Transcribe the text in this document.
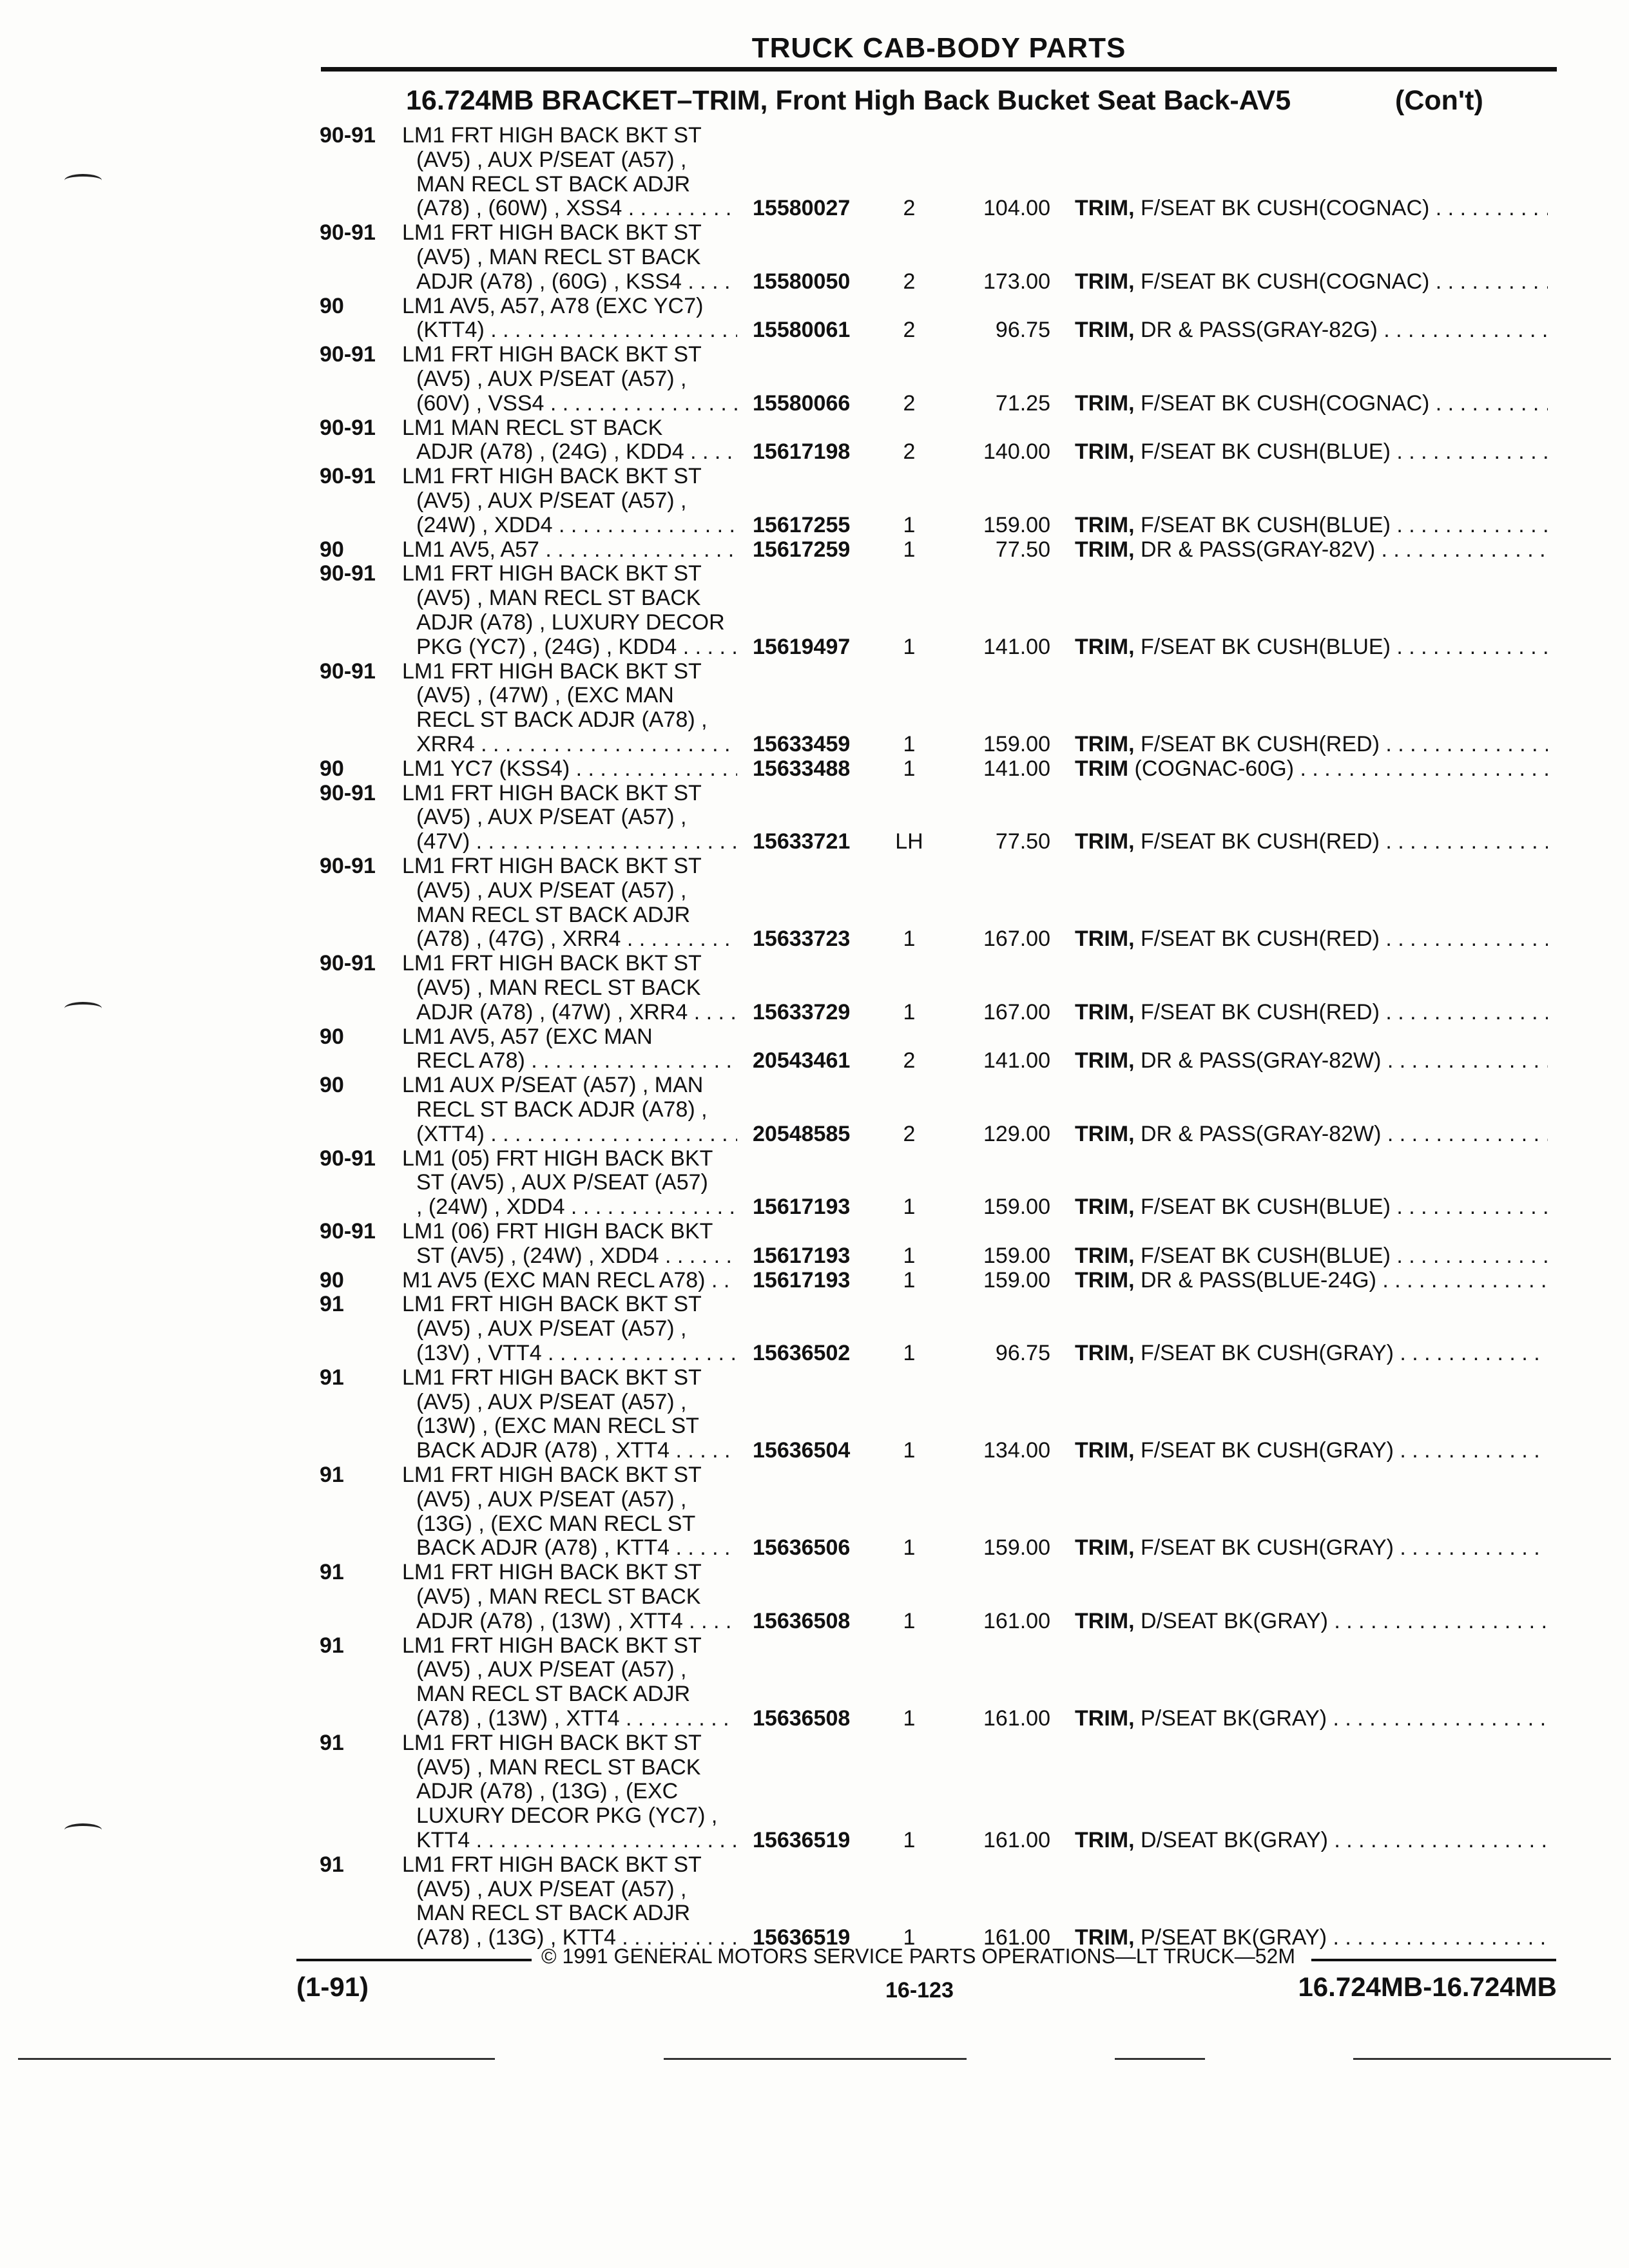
TRUCK CAB-BODY PARTS
16.724MB BRACKET–TRIM, Front High Back Bucket Seat Back-AV5	(Con't)
90-91	LM1 FRT HIGH BACK BKT ST
(AV5) , AUX P/SEAT (A57) ,
MAN RECL ST BACK ADJR
(A78) , (60W) , XSS4 . . .	15580027	2	104.00 TRIM, F/SEAT BK CUSH(COGNAC) . . .
90-91	LM1 FRT HIGH BACK BKT ST
(AV5) , MAN RECL ST BACK
ADJR (A78) , (60G) , KSS4 . . .	15580050	2	173.00 TRIM, F/SEAT BK CUSH(COGNAC) . . .
90	LM1 AV5, A57, A78 (EXC YC7)
(KTT4) . . .	15580061	2	96.75 TRIM, DR & PASS(GRAY-82G) . . .
90-91	LM1 FRT HIGH BACK BKT ST
(AV5) , AUX P/SEAT (A57) ,
(60V) , VSS4 . . .	15580066	2	71.25 TRIM, F/SEAT BK CUSH(COGNAC) . . .
90-91	LM1 MAN RECL ST BACK
ADJR (A78) , (24G) , KDD4 . . .	15617198	2	140.00 TRIM, F/SEAT BK CUSH(BLUE) . . .
90-91	LM1 FRT HIGH BACK BKT ST
(AV5) , AUX P/SEAT (A57) ,
(24W) , XDD4 . . .	15617255	1	159.00 TRIM, F/SEAT BK CUSH(BLUE) . . .
90	LM1 AV5, A57 . . .	15617259	1	77.50 TRIM, DR & PASS(GRAY-82V) . . .
90-91	LM1 FRT HIGH BACK BKT ST
(AV5) , MAN RECL ST BACK
ADJR (A78) , LUXURY DECOR
PKG (YC7) , (24G) , KDD4 . . .	15619497	1	141.00 TRIM, F/SEAT BK CUSH(BLUE) . . .
90-91	LM1 FRT HIGH BACK BKT ST
(AV5) , (47W) , (EXC MAN
RECL ST BACK ADJR (A78) ,
XRR4 . . .	15633459	1	159.00 TRIM, F/SEAT BK CUSH(RED) . . .
90	LM1 YC7 (KSS4) . . .	15633488	1	141.00 TRIM (COGNAC-60G) . . .
90-91	LM1 FRT HIGH BACK BKT ST
(AV5) , AUX P/SEAT (A57) ,
(47V) . . .	15633721	LH	77.50 TRIM, F/SEAT BK CUSH(RED) . . .
90-91	LM1 FRT HIGH BACK BKT ST
(AV5) , AUX P/SEAT (A57) ,
MAN RECL ST BACK ADJR
(A78) , (47G) , XRR4 . . .	15633723	1	167.00 TRIM, F/SEAT BK CUSH(RED) . . .
90-91	LM1 FRT HIGH BACK BKT ST
(AV5) , MAN RECL ST BACK
ADJR (A78) , (47W) , XRR4 . . .	15633729	1	167.00 TRIM, F/SEAT BK CUSH(RED) . . .
90	LM1 AV5, A57 (EXC MAN
RECL A78) . . .	20543461	2	141.00 TRIM, DR & PASS(GRAY-82W) . . .
90	LM1 AUX P/SEAT (A57) , MAN
RECL ST BACK ADJR (A78) ,
(XTT4) . . .	20548585	2	129.00 TRIM, DR & PASS(GRAY-82W) . . .
90-91	LM1 (05) FRT HIGH BACK BKT
ST (AV5) , AUX P/SEAT (A57)
, (24W) , XDD4 . . .	15617193	1	159.00 TRIM, F/SEAT BK CUSH(BLUE) . . .
90-91	LM1 (06) FRT HIGH BACK BKT
ST (AV5) , (24W) , XDD4 . . .	15617193	1	159.00 TRIM, F/SEAT BK CUSH(BLUE) . . .
90	M1 AV5 (EXC MAN RECL A78) . . .	15617193	1	159.00 TRIM, DR & PASS(BLUE-24G) . . .
91	LM1 FRT HIGH BACK BKT ST
(AV5) , AUX P/SEAT (A57) ,
(13V) , VTT4 . . .	15636502	1	96.75 TRIM, F/SEAT BK CUSH(GRAY) . . .
91	LM1 FRT HIGH BACK BKT ST
(AV5) , AUX P/SEAT (A57) ,
(13W) , (EXC MAN RECL ST
BACK ADJR (A78) , XTT4 . . .	15636504	1	134.00 TRIM, F/SEAT BK CUSH(GRAY) . . .
91	LM1 FRT HIGH BACK BKT ST
(AV5) , AUX P/SEAT (A57) ,
(13G) , (EXC MAN RECL ST
BACK ADJR (A78) , KTT4 . . .	15636506	1	159.00 TRIM, F/SEAT BK CUSH(GRAY) . . .
91	LM1 FRT HIGH BACK BKT ST
(AV5) , MAN RECL ST BACK
ADJR (A78) , (13W) , XTT4 . . .	15636508	1	161.00 TRIM, D/SEAT BK(GRAY) . . .
91	LM1 FRT HIGH BACK BKT ST
(AV5) , AUX P/SEAT (A57) ,
MAN RECL ST BACK ADJR
(A78) , (13W) , XTT4 . . .	15636508	1	161.00 TRIM, P/SEAT BK(GRAY) . . .
91	LM1 FRT HIGH BACK BKT ST
(AV5) , MAN RECL ST BACK
ADJR (A78) , (13G) , (EXC
LUXURY DECOR PKG (YC7) ,
KTT4 . . .	15636519	1	161.00 TRIM, D/SEAT BK(GRAY) . . .
91	LM1 FRT HIGH BACK BKT ST
(AV5) , AUX P/SEAT (A57) ,
MAN RECL ST BACK ADJR
(A78) , (13G) , KTT4 . . .	15636519	1	161.00 TRIM, P/SEAT BK(GRAY) . . .
© 1991 GENERAL MOTORS SERVICE PARTS OPERATIONS—LT TRUCK—52M
(1-91)	16-123	16.724MB-16.724MB
